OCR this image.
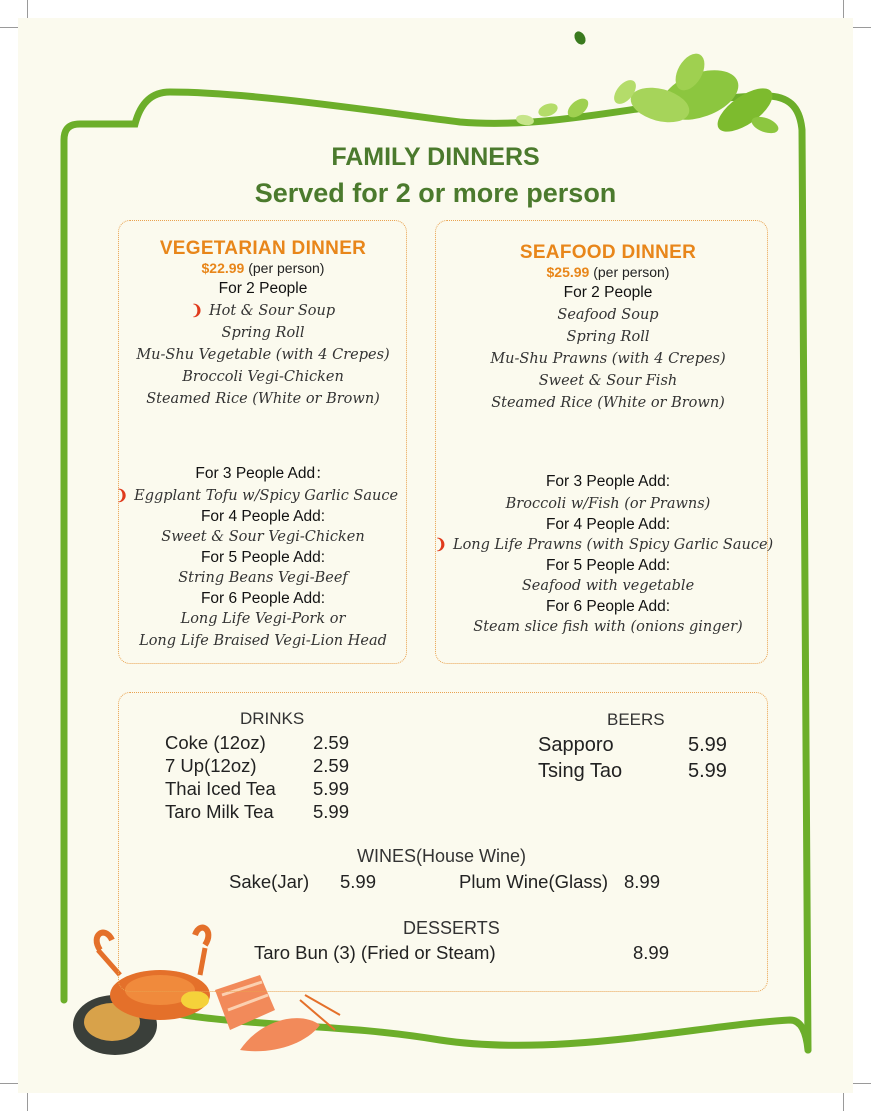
FAMILY DINNERS
Served for 2 or more person
VEGETARIAN DINNER
$22.99 (per person)
For 2 People
❩ Hot & Sour Soup
Spring Roll
Mu-Shu Vegetable (with 4 Crepes)
Broccoli Vegi-Chicken
Steamed Rice (White or Brown)
For 3 People Add：
❩ Eggplant Tofu w/Spicy Garlic Sauce
For 4 People Add:
Sweet & Sour Vegi-Chicken
For 5 People Add:
String Beans Vegi-Beef
For 6 People Add:
Long Life Vegi-Pork or
Long Life Braised Vegi-Lion Head
SEAFOOD DINNER
$25.99 (per person)
For 2 People
Seafood Soup
Spring Roll
Mu-Shu Prawns (with 4 Crepes)
Sweet & Sour Fish
Steamed Rice (White or Brown)
For 3 People Add:
Broccoli w/Fish (or Prawns)
For 4 People Add:
❩ Long Life Prawns (with Spicy Garlic Sauce)
For 5 People Add:
Seafood with vegetable
For 6 People Add:
Steam slice fish with (onions ginger)
DRINKS
Coke (12oz)	2.59
7 Up(12oz)	2.59
Thai Iced Tea 5.99
Taro Milk Tea 5.99
BEERS
Sapporo	5.99
Tsing Tao	5.99
WINES(House Wine)
Sake(Jar) 5.99	Plum Wine(Glass) 8.99
DESSERTS
Taro Bun (3) (Fried or Steam)	8.99
